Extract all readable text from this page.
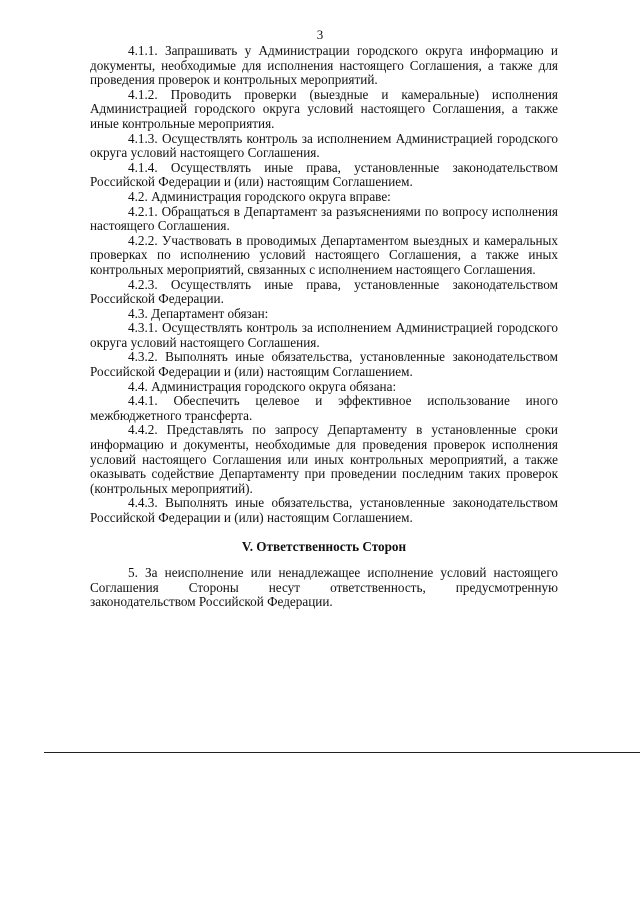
3

4.1.1. Запрашивать у Администрации городского округа информацию и документы, необходимые для исполнения настоящего Соглашения, а также для проведения проверок и контрольных мероприятий.

4.1.2. Проводить проверки (выездные и камеральные) исполнения Администрацией городского округа условий настоящего Соглашения, а также иные контрольные мероприятия.

4.1.3. Осуществлять контроль за исполнением Администрацией городского округа условий настоящего Соглашения.

4.1.4. Осуществлять иные права, установленные законодательством Российской Федерации и (или) настоящим Соглашением.

4.2. Администрация городского округа вправе:

4.2.1. Обращаться в Департамент за разъяснениями по вопросу исполнения настоящего Соглашения.

4.2.2. Участвовать в проводимых Департаментом выездных и камеральных проверках по исполнению условий настоящего Соглашения, а также иных контрольных мероприятий, связанных с исполнением настоящего Соглашения.

4.2.3. Осуществлять иные права, установленные законодательством Российской Федерации.

4.3. Департамент обязан:

4.3.1. Осуществлять контроль за исполнением Администрацией городского округа условий настоящего Соглашения.

4.3.2. Выполнять иные обязательства, установленные законодательством Российской Федерации и (или) настоящим Соглашением.

4.4. Администрация городского округа обязана:

4.4.1. Обеспечить целевое и эффективное использование иного межбюджетного трансферта.

4.4.2. Представлять по запросу Департаменту в установленные сроки информацию и документы, необходимые для проведения проверок исполнения условий настоящего Соглашения или иных контрольных мероприятий, а также оказывать содействие Департаменту при проведении последним таких проверок (контрольных мероприятий).

4.4.3. Выполнять иные обязательства, установленные законодательством Российской Федерации и (или) настоящим Соглашением.

V. Ответственность Сторон

5. За неисполнение или ненадлежащее исполнение условий настоящего Соглашения Стороны несут ответственность, предусмотренную законодательством Российской Федерации.
